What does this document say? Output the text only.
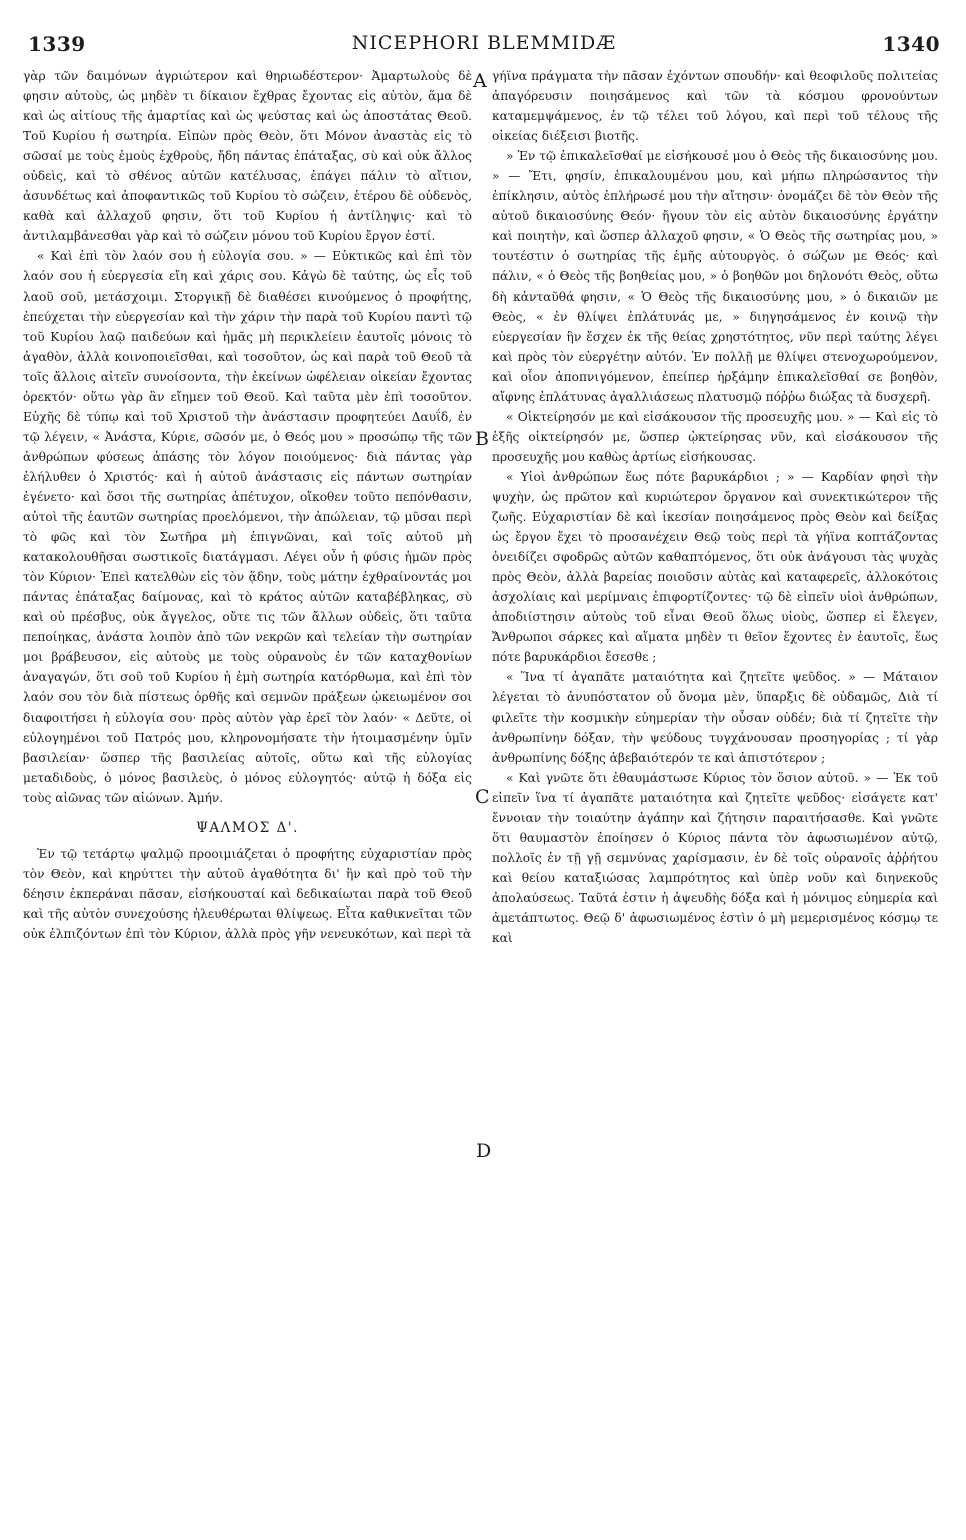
1339	NICEPHORI BLEMMIDÆ	1340
A
B
C
D

γὰρ τῶν δαιμόνων ἀγριώτερον καὶ θηριωδέστερον· Ἀμαρτωλοὺς δὲ φησιν αὐτοὺς, ὡς μηδὲν τι δίκαιον ἔχθρας ἔχοντας εἰς αὐτὸν, ἅμα δὲ καὶ ὡς αἰτίους τῆς ἁμαρτίας καὶ ὡς ψεύστας καὶ ὡς ἀποστάτας Θεοῦ. Τοῦ Κυρίου ἡ σωτηρία. Εἰπὼν πρὸς Θεὸν, ὅτι Μόνον ἀναστὰς εἰς τὸ σῶσαί με τοὺς ἐμοὺς ἐχθροὺς, ἤδη πάντας ἐπάταξας, σὺ καὶ οὐκ ἄλλος οὐδεὶς, καὶ τὸ σθένος αὐτῶν κατέλυσας, ἐπάγει πάλιν τὸ αἴτιον, ἀσυνδέτως καὶ ἀποφαντικῶς τοῦ Κυρίου τὸ σώζειν, ἑτέρου δὲ οὐδενὸς, καθὰ καὶ ἀλλαχοῦ φησιν, ὅτι τοῦ Κυρίου ἡ ἀντίληψις· καὶ τὸ ἀντιλαμβάνεσθαι γὰρ καὶ τὸ σώζειν μόνου τοῦ Κυρίου ἔργον ἐστί.

« Καὶ ἐπὶ τὸν λαόν σου ἡ εὐλογία σου. » — Εὐκτικῶς καὶ ἐπὶ τὸν λαόν σου ἡ εὐεργεσία εἴη καὶ χάρις σου. Κἀγὼ δὲ ταύτης, ὡς εἷς τοῦ λαοῦ σοῦ, μετάσχοιμι. Στοργικῇ δὲ διαθέσει κινούμενος ὁ προφήτης, ἐπεύχεται τὴν εὐεργεσίαν καὶ τὴν χάριν τὴν παρὰ τοῦ Κυρίου παντὶ τῷ τοῦ Κυρίου λαῷ παιδεύων καὶ ἡμᾶς μὴ περικλείειν ἑαυτοῖς μόνοις τὸ ἀγαθὸν, ἀλλὰ κοινοποιεῖσθαι, καὶ τοσοῦτον, ὡς καὶ παρὰ τοῦ Θεοῦ τὰ τοῖς ἄλλοις αἰτεῖν συνοίσοντα, τὴν ἐκείνων ὠφέλειαν οἰκείαν ἔχοντας ὀρεκτόν· οὕτω γὰρ ἂν εἴημεν τοῦ Θεοῦ. Καὶ ταῦτα μὲν ἐπὶ τοσοῦτον. Εὐχῆς δὲ τύπῳ καὶ τοῦ Χριστοῦ τὴν ἀνάστασιν προφητεύει Δαυΐδ, ἐν τῷ λέγειν, « Ἀνάστα, Κύριε, σῶσόν με, ὁ Θεός μου » προσώπῳ τῆς τῶν ἀνθρώπων φύσεως ἁπάσης τὸν λόγον ποιούμενος· διὰ πάντας γὰρ ἐλήλυθεν ὁ Χριστός· καὶ ἡ αὐτοῦ ἀνάστασις εἰς πάντων σωτηρίαν ἐγένετο· καὶ ὅσοι τῆς σωτηρίας ἀπέτυχον, οἴκοθεν τοῦτο πεπόνθασιν, αὐτοὶ τῆς ἑαυτῶν σωτηρίας προελόμενοι, τὴν ἀπώλειαν, τῷ μῦσαι περὶ τὸ φῶς καὶ τὸν Σωτῆρα μὴ ἐπιγνῶναι, καὶ τοῖς αὐτοῦ μὴ κατακολουθῆσαι σωστικοῖς διατάγμασι. Λέγει οὖν ἡ φύσις ἡμῶν πρὸς τὸν Κύριον· Ἐπεὶ κατελθὼν εἰς τὸν ᾅδην, τοὺς μάτην ἐχθραίνοντάς μοι πάντας ἐπάταξας δαίμονας, καὶ τὸ κράτος αὐτῶν καταβέβληκας, σὺ καὶ οὐ πρέσβυς, οὐκ ἄγγελος, οὔτε τις τῶν ἄλλων οὐδεὶς, ὅτι ταῦτα πεποίηκας, ἀνάστα λοιπὸν ἀπὸ τῶν νεκρῶν καὶ τελείαν τὴν σωτηρίαν μοι βράβευσον, εἰς αὐτοὺς με τοὺς οὐρανοὺς ἐν τῶν καταχθονίων ἀναγαγών, ὅτι σοῦ τοῦ Κυρίου ἡ ἐμὴ σωτηρία κατόρθωμα, καὶ ἐπὶ τὸν λαόν σου τὸν διὰ πίστεως ὀρθῆς καὶ σεμνῶν πράξεων ᾠκειωμένον σοι διαφοιτήσει ἡ εὐλογία σου· πρὸς αὐτὸν γὰρ ἐρεῖ τὸν λαόν· « Δεῦτε, οἱ εὐλογημένοι τοῦ Πατρός μου, κληρονομήσατε τὴν ἡτοιμασμένην ὑμῖν βασιλείαν· ὥσπερ τῆς βασιλείας αὐτοῖς, οὕτω καὶ τῆς εὐλογίας μεταδιδοὺς, ὁ μόνος βασιλεὺς, ὁ μόνος εὐλογητός· αὐτῷ ἡ δόξα εἰς τοὺς αἰῶνας τῶν αἰώνων. Ἀμήν.

ΨΑΛΜΟΣ Δ'.

Ἐν τῷ τετάρτῳ ψαλμῷ προοιμιάζεται ὁ προφήτης εὐχαριστίαν πρὸς τὸν Θεὸν, καὶ κηρύττει τὴν αὐτοῦ ἀγαθότητα δι' ἣν καὶ πρὸ τοῦ τὴν δέησιν ἐκπεράναι πᾶσαν, εἰσήκουσταί καὶ δεδικαίωται παρὰ τοῦ Θεοῦ καὶ τῆς αὐτὸν συνεχούσης ἠλευθέρωται θλίψεως. Εἶτα καθικνεῖται τῶν οὐκ ἐλπιζόντων ἐπὶ τὸν Κύριον, ἀλλὰ πρὸς γῆν νενευκότων, καὶ περὶ τὰ

γήϊνα πράγματα τὴν πᾶσαν ἐχόντων σπουδήν· καὶ θεοφιλοῦς πολιτείας ἀπαγόρευσιν ποιησάμενος καὶ τῶν τὰ κόσμου φρονούντων καταμεμψάμενος, ἐν τῷ τέλει τοῦ λόγου, καὶ περὶ τοῦ τέλους τῆς οἰκείας διέξεισι βιοτῆς.

» Ἐν τῷ ἐπικαλεῖσθαί με εἰσήκουσέ μου ὁ Θεὸς τῆς δικαιοσύνης μου. » — Ἔτι, φησίν, ἐπικαλουμένου μου, καὶ μήπω πληρώσαντος τὴν ἐπίκλησιν, αὐτὸς ἐπλήρωσέ μου τὴν αἴτησιν· ὀνομάζει δὲ τὸν Θεὸν τῆς αὐτοῦ δικαιοσύνης Θεόν· ἤγουν τὸν εἰς αὐτὸν δικαιοσύνης ἐργάτην καὶ ποιητὴν, καὶ ὥσπερ ἀλλαχοῦ φησιν, « Ὁ Θεὸς τῆς σωτηρίας μου, » τουτέστιν ὁ σωτηρίας τῆς ἐμῆς αὐτουργὸς. ὁ σώζων με Θεός· καὶ πάλιν, « ὁ Θεὸς τῆς βοηθείας μου, » ὁ βοηθῶν μοι δηλονότι Θεὸς, οὕτω δὴ κἀνταῦθά φησιν, « Ὁ Θεὸς τῆς δικαιοσύνης μου, » ὁ δικαιῶν με Θεὸς, « ἐν θλίψει ἐπλάτυνάς με, » διηγησάμενος ἐν κοινῷ τὴν εὐεργεσίαν ἣν ἔσχεν ἐκ τῆς θείας χρηστότητος, νῦν περὶ ταύτης λέγει καὶ πρὸς τὸν εὐεργέτην αὐτόν. Ἐν πολλῇ με θλίψει στενοχωρούμενον, καὶ οἷον ἀποπνιγόμενον, ἐπείπερ ἠρξάμην ἐπικαλεῖσθαί σε βοηθὸν, αἴφνης ἐπλάτυνας ἀγαλλιάσεως πλατυσμῷ πόῤῥω διώξας τὰ δυσχερῆ.

« Οἰκτείρησόν με καὶ εἰσάκουσον τῆς προσευχῆς μου. » — Καὶ εἰς τὸ ἑξῆς οἰκτείρησόν με, ὥσπερ ᾠκτείρησας νῦν, καὶ εἰσάκουσον τῆς προσευχῆς μου καθὼς ἀρτίως εἰσήκουσας.

« Υἱοὶ ἀνθρώπων ἕως πότε βαρυκάρδιοι ; » — Καρδίαν φησὶ τὴν ψυχὴν, ὡς πρῶτον καὶ κυριώτερον ὄργανον καὶ συνεκτικώτερον τῆς ζωῆς. Εὐχαριστίαν δὲ καὶ ἱκεσίαν ποιησάμενος πρὸς Θεὸν καὶ δείξας ὡς ἔργον ἔχει τὸ προσανέχειν Θεῷ τοὺς περὶ τὰ γήϊνα κοπτάζοντας ὀνειδίζει σφοδρῶς αὐτῶν καθαπτόμενος, ὅτι οὐκ ἀνάγουσι τὰς ψυχὰς πρὸς Θεὸν, ἀλλὰ βαρείας ποιοῦσιν αὐτὰς καὶ καταφερεῖς, ἀλλοκότοις ἀσχολίαις καὶ μερίμναις ἐπιφορτίζοντες· τῷ δὲ εἰπεῖν υἱοὶ ἀνθρώπων, ἀποδιίστησιν αὐτοὺς τοῦ εἶναι Θεοῦ ὅλως υἱοὺς, ὥσπερ εἰ ἔλεγεν, Ἄνθρωποι σάρκες καὶ αἵματα μηδὲν τι θεῖον ἔχοντες ἐν ἑαυτοῖς, ἕως πότε βαρυκάρδιοι ἔσεσθε ;

« Ἵνα τί ἀγαπᾶτε ματαιότητα καὶ ζητεῖτε ψεῦδος. » — Μάταιον λέγεται τὸ ἀνυπόστατον οὗ ὄνομα μὲν, ὕπαρξις δὲ οὐδαμῶς, Διὰ τί φιλεῖτε τὴν κοσμικὴν εὐημερίαν τὴν οὖσαν οὐδέν; διὰ τί ζητεῖτε τὴν ἀνθρωπίνην δόξαν, τὴν ψεύδους τυγχάνουσαν προσηγορίας ; τί γὰρ ἀνθρωπίνης δόξης ἀβεβαιότερόν τε καὶ ἀπιστότερον ;

« Καὶ γνῶτε ὅτι ἐθαυμάστωσε Κύριος τὸν ὅσιον αὐτοῦ. » — Ἐκ τοῦ εἰπεῖν ἵνα τί ἀγαπᾶτε ματαιότητα καὶ ζητεῖτε ψεῦδος· εἰσάγετε κατ' ἔννοιαν τὴν τοιαύτην ἀγάπην καὶ ζήτησιν παραιτήσασθε. Καὶ γνῶτε ὅτι θαυμαστὸν ἐποίησεν ὁ Κύριος πάντα τὸν ἀφωσιωμένον αὐτῷ, πολλοῖς ἐν τῇ γῇ σεμνύνας χαρίσμασιν, ἐν δὲ τοῖς οὐρανοῖς ἀῤῥήτου καὶ θείου καταξιώσας λαμπρότητος καὶ ὑπὲρ νοῦν καὶ διηνεκοῦς ἀπολαύσεως. Ταῦτά ἐστιν ἡ ἀψευδὴς δόξα καὶ ἡ μόνιμος εὐημερία καὶ ἀμετάπτωτος. Θεῷ δ' ἀφωσιωμένος ἐστὶν ὁ μὴ μεμερισμένος κόσμῳ τε καὶ
